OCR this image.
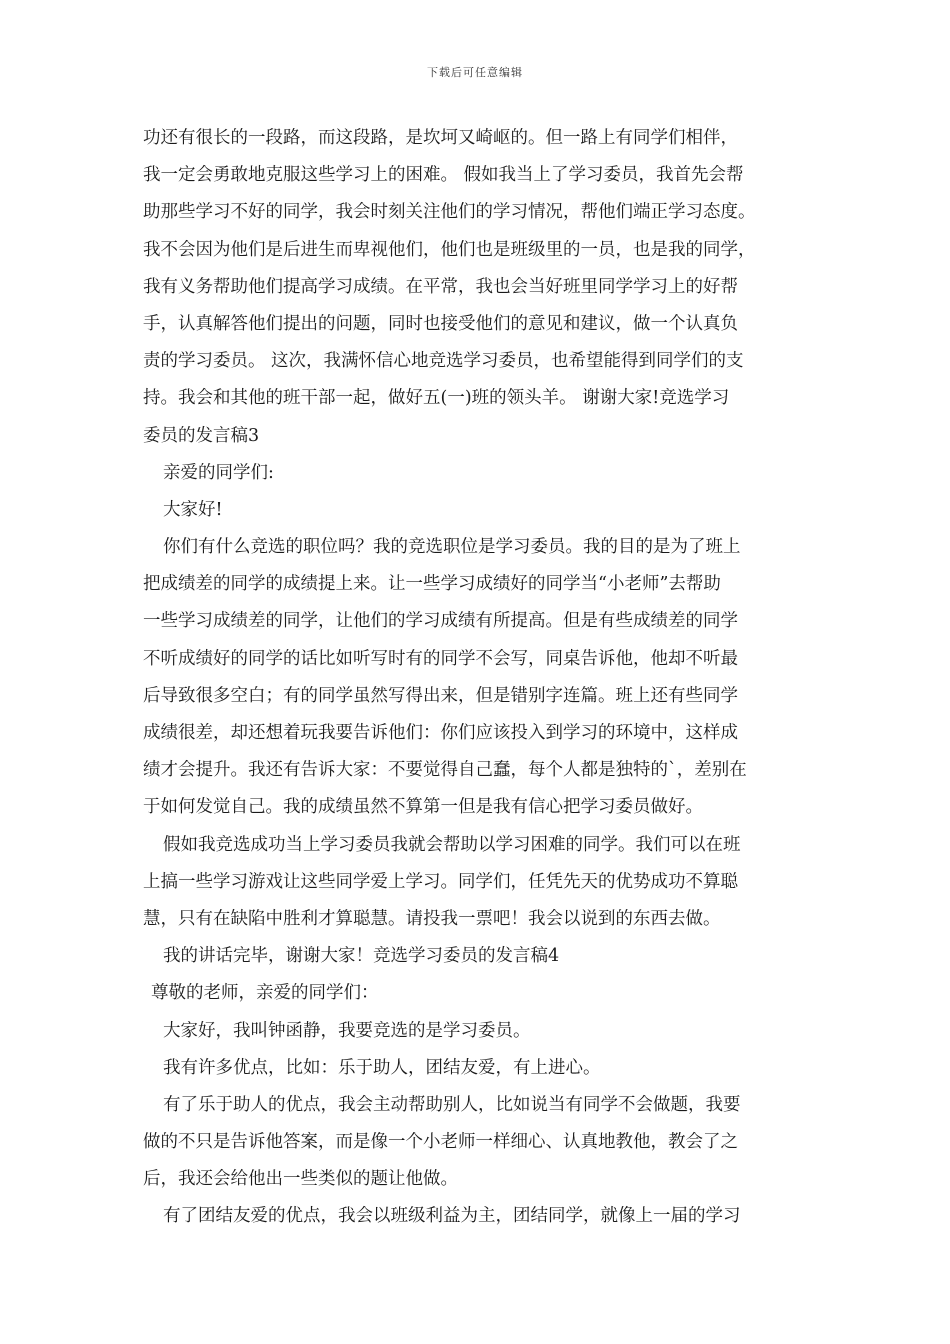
下载后可任意编辑
功还有很长的一段路，而这段路，是坎坷又崎岖的。但一路上有同学们相伴，
我一定会勇敢地克服这些学习上的困难。 假如我当上了学习委员，我首先会帮
助那些学习不好的同学，我会时刻关注他们的学习情况，帮他们端正学习态度。
我不会因为他们是后进生而卑视他们，他们也是班级里的一员，也是我的同学，
我有义务帮助他们提高学习成绩。在平常，我也会当好班里同学学习上的好帮
手，认真解答他们提出的问题，同时也接受他们的意见和建议，做一个认真负
责的学习委员。 这次，我满怀信心地竞选学习委员，也希望能得到同学们的支
持。我会和其他的班干部一起，做好五(一)班的领头羊。 谢谢大家!竞选学习
委员的发言稿3
亲爱的同学们:
大家好!
你们有什么竞选的职位吗？我的竞选职位是学习委员。我的目的是为了班上
把成绩差的同学的成绩提上来。让一些学习成绩好的同学当“小老师”去帮助
一些学习成绩差的同学，让他们的学习成绩有所提高。但是有些成绩差的同学
不听成绩好的同学的话比如听写时有的同学不会写，同桌告诉他，他却不听最
后导致很多空白；有的同学虽然写得出来，但是错别字连篇。班上还有些同学
成绩很差，却还想着玩我要告诉他们：你们应该投入到学习的环境中，这样成
绩才会提升。我还有告诉大家：不要觉得自己蠢，每个人都是独特的`，差别在
于如何发觉自己。我的成绩虽然不算第一但是我有信心把学习委员做好。
假如我竞选成功当上学习委员我就会帮助以学习困难的同学。我们可以在班
上搞一些学习游戏让这些同学爱上学习。同学们，任凭先天的优势成功不算聪
慧，只有在缺陷中胜利才算聪慧。请投我一票吧！我会以说到的东西去做。
我的讲话完毕，谢谢大家！竞选学习委员的发言稿4
尊敬的老师，亲爱的同学们：
大家好，我叫钟函静，我要竞选的是学习委员。
我有许多优点，比如：乐于助人，团结友爱，有上进心。
有了乐于助人的优点，我会主动帮助别人，比如说当有同学不会做题，我要
做的不只是告诉他答案，而是像一个小老师一样细心、认真地教他，教会了之
后，我还会给他出一些类似的题让他做。
有了团结友爱的优点，我会以班级利益为主，团结同学，就像上一届的学习
